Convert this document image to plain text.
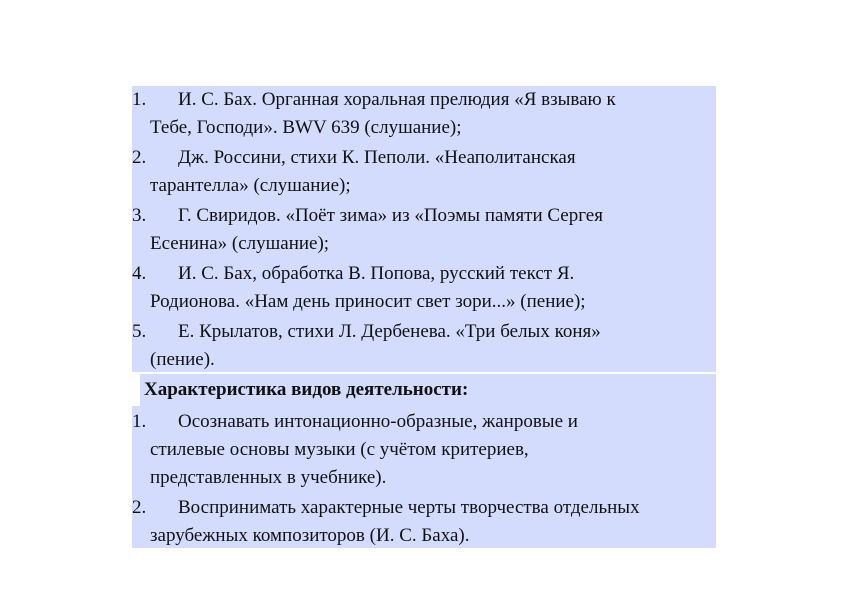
1. И. С. Бах. Органная хоральная прелюдия «Я взываю к
Тебе, Господи». BWV 639 (слушание);
2. Дж. Россини, стихи К. Пеполи. «Неаполитанская
тарантелла» (слушание);
3. Г. Свиридов. «Поёт зима» из «Поэмы памяти Сергея
Есенина» (слушание);
4. И. С. Бах, обработка В. Попова, русский текст Я.
Родионова. «Нам день приносит свет зори...» (пение);
5. Е. Крылатов, стихи Л. Дербенева. «Три белых коня»
(пение).
Характеристика видов деятельности:
1. Осознавать интонационно-образные, жанровые и
стилевые основы музыки (с учётом критериев,
представленных в учебнике).
2. Воспринимать характерные черты творчества отдельных
зарубежных композиторов (И. С. Баха).
